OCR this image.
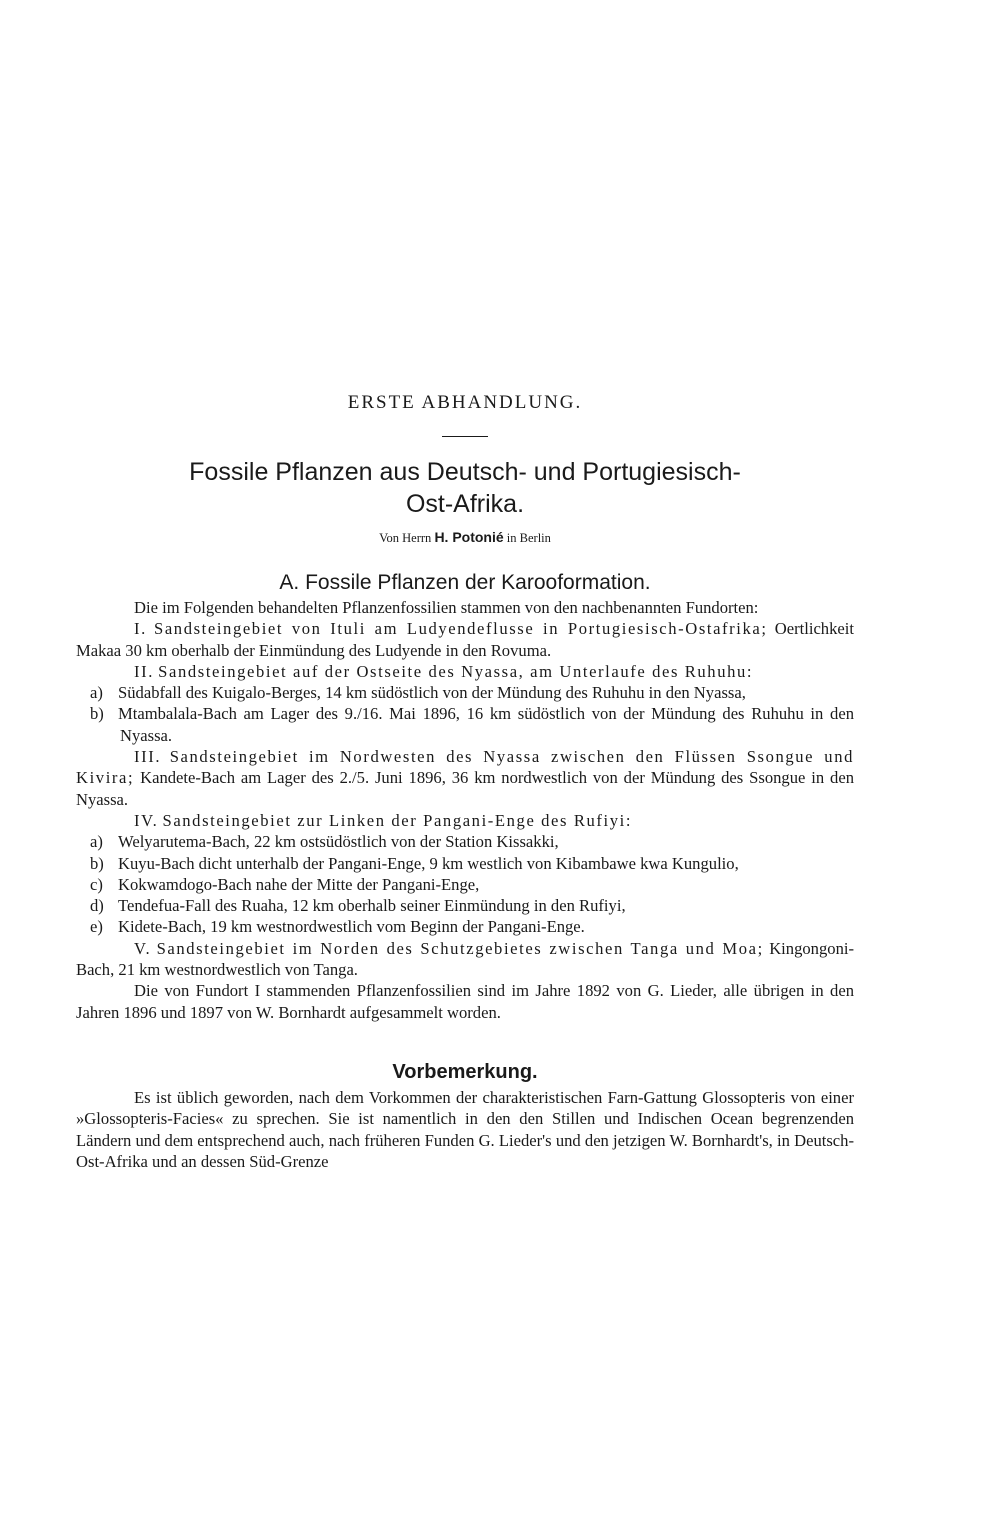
ERSTE ABHANDLUNG.
Fossile Pflanzen aus Deutsch- und Portugiesisch-
Ost-Afrika.
Von Herrn H. Potonié in Berlin
A. Fossile Pflanzen der Karooformation.

Die im Folgenden behandelten Pflanzenfossilien stammen von den nachbenannten Fundorten:

I. Sandsteingebiet von Ituli am Ludyendeflusse in Portugiesisch-Ostafrika; Oertlichkeit Makaa 30 km oberhalb der Einmündung des Ludyende in den Rovuma.

II. Sandsteingebiet auf der Ostseite des Nyassa, am Unterlaufe des Ruhuhu:

a) Südabfall des Kuigalo-Berges, 14 km südöstlich von der Mündung des Ruhuhu in den Nyassa,

b) Mtambalala-Bach am Lager des 9./16. Mai 1896, 16 km südöstlich von der Mündung des Ruhuhu in den Nyassa.

III. Sandsteingebiet im Nordwesten des Nyassa zwischen den Flüssen Ssongue und Kivira; Kandete-Bach am Lager des 2./5. Juni 1896, 36 km nordwestlich von der Mündung des Ssongue in den Nyassa.

IV. Sandsteingebiet zur Linken der Pangani-Enge des Rufiyi:

a) Welyarutema-Bach, 22 km ostsüdöstlich von der Station Kissakki,

b) Kuyu-Bach dicht unterhalb der Pangani-Enge, 9 km westlich von Kibambawe kwa Kungulio,

c) Kokwamdogo-Bach nahe der Mitte der Pangani-Enge,

d) Tendefua-Fall des Ruaha, 12 km oberhalb seiner Einmündung in den Rufiyi,

e) Kidete-Bach, 19 km westnordwestlich vom Beginn der Pangani-Enge.

V. Sandsteingebiet im Norden des Schutzgebietes zwischen Tanga und Moa; Kingongoni-Bach, 21 km westnordwestlich von Tanga.

Die von Fundort I stammenden Pflanzenfossilien sind im Jahre 1892 von G. Lieder, alle übrigen in den Jahren 1896 und 1897 von W. Bornhardt aufgesammelt worden.

Vorbemerkung.

Es ist üblich geworden, nach dem Vorkommen der charakteristischen Farn-Gattung Glossopteris von einer »Glossopteris-Facies« zu sprechen. Sie ist namentlich in den den Stillen und Indischen Ocean begrenzenden Ländern und dem entsprechend auch, nach früheren Funden G. Lieder's und den jetzigen W. Bornhardt's, in Deutsch-Ost-Afrika und an dessen Süd-Grenze
